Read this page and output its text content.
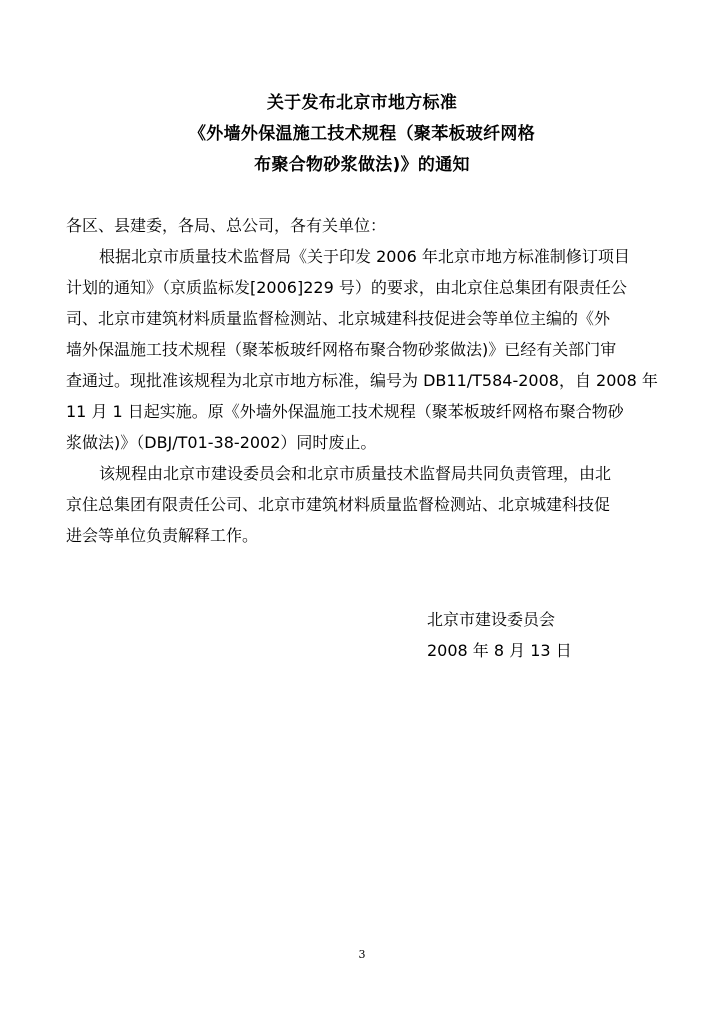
关于发布北京市地方标准
《外墙外保温施工技术规程（聚苯板玻纤网格
布聚合物砂浆做法)》的通知
各区、县建委，各局、总公司，各有关单位：
根据北京市质量技术监督局《关于印发 2006 年北京市地方标准制修订项目
计划的通知》（京质监标发[2006]229 号）的要求，由北京住总集团有限责任公
司、北京市建筑材料质量监督检测站、北京城建科技促进会等单位主编的《外
墙外保温施工技术规程（聚苯板玻纤网格布聚合物砂浆做法)》已经有关部门审
查通过。现批准该规程为北京市地方标准，编号为 DB11/T584-2008，自 2008 年
11 月 1 日起实施。原《外墙外保温施工技术规程（聚苯板玻纤网格布聚合物砂
浆做法)》（DBJ/T01-38-2002）同时废止。
该规程由北京市建设委员会和北京市质量技术监督局共同负责管理，由北
京住总集团有限责任公司、北京市建筑材料质量监督检测站、北京城建科技促
进会等单位负责解释工作。
北京市建设委员会
2008 年 8 月 13 日
3
